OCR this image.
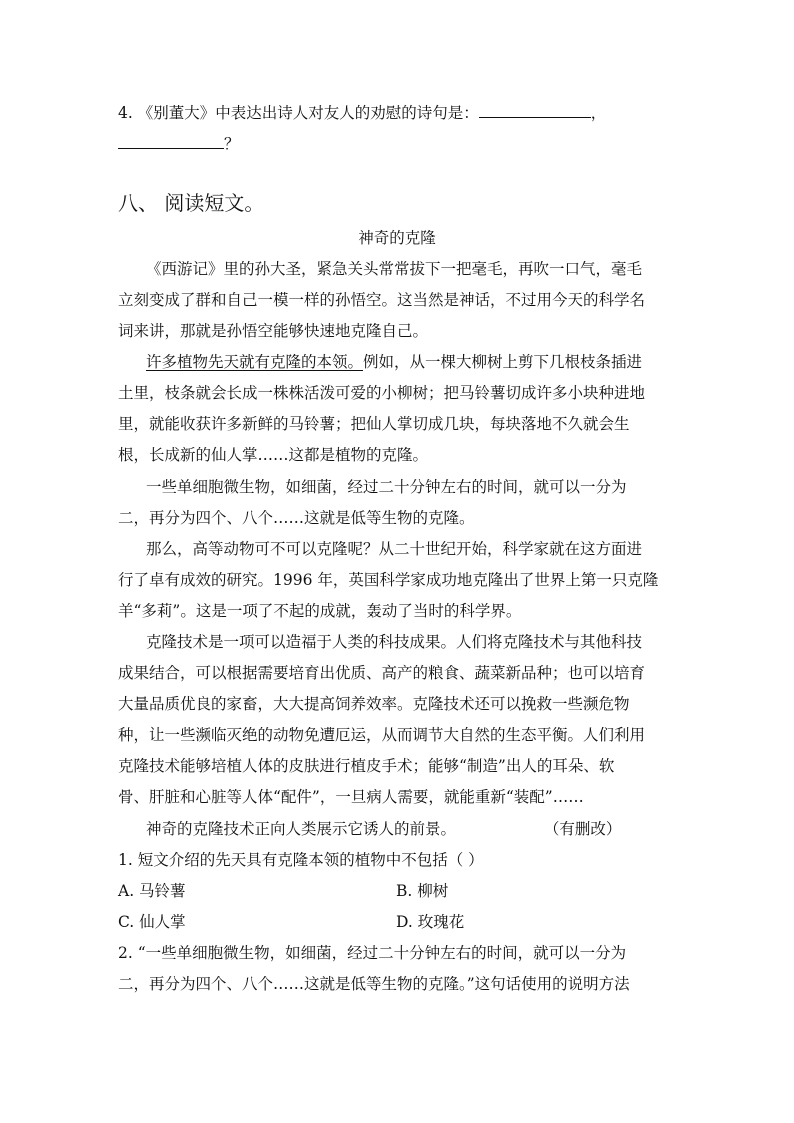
4. 《别董大》中表达出诗人对友人的劝慰的诗句是：	，
？
八、 阅读短文。
神奇的克隆
《西游记》里的孙大圣，紧急关头常常拔下一把毫毛，再吹一口气，毫毛
立刻变成了群和自己一模一样的孙悟空。这当然是神话，不过用今天的科学名
词来讲，那就是孙悟空能够快速地克隆自己。
许多植物先天就有克隆的本领。例如，从一棵大柳树上剪下几根枝条插进
土里，枝条就会长成一株株活泼可爱的小柳树；把马铃薯切成许多小块种进地
里，就能收获许多新鲜的马铃薯；把仙人掌切成几块，每块落地不久就会生
根，长成新的仙人掌……这都是植物的克隆。
一些单细胞微生物，如细菌，经过二十分钟左右的时间，就可以一分为
二，再分为四个、八个……这就是低等生物的克隆。
那么，高等动物可不可以克隆呢？从二十世纪开始，科学家就在这方面进
行了卓有成效的研究。1996 年，英国科学家成功地克隆出了世界上第一只克隆
羊“多莉”。这是一项了不起的成就，轰动了当时的科学界。
克隆技术是一项可以造福于人类的科技成果。人们将克隆技术与其他科技
成果结合，可以根据需要培育出优质、高产的粮食、蔬菜新品种；也可以培育
大量品质优良的家畜，大大提高饲养效率。克隆技术还可以挽救一些濒危物
种，让一些濒临灭绝的动物免遭厄运，从而调节大自然的生态平衡。人们利用
克隆技术能够培植人体的皮肤进行植皮手术；能够“制造”出人的耳朵、软
骨、肝脏和心脏等人体“配件”，一旦病人需要，就能重新“装配”……
神奇的克隆技术正向人类展示它诱人的前景。	（有删改）
1. 短文介绍的先天具有克隆本领的植物中不包括（ ）
A. 马铃薯	B. 柳树
C. 仙人掌	D. 玫瑰花
2. “一些单细胞微生物，如细菌，经过二十分钟左右的时间，就可以一分为
二，再分为四个、八个……这就是低等生物的克隆。”这句话使用的说明方法
